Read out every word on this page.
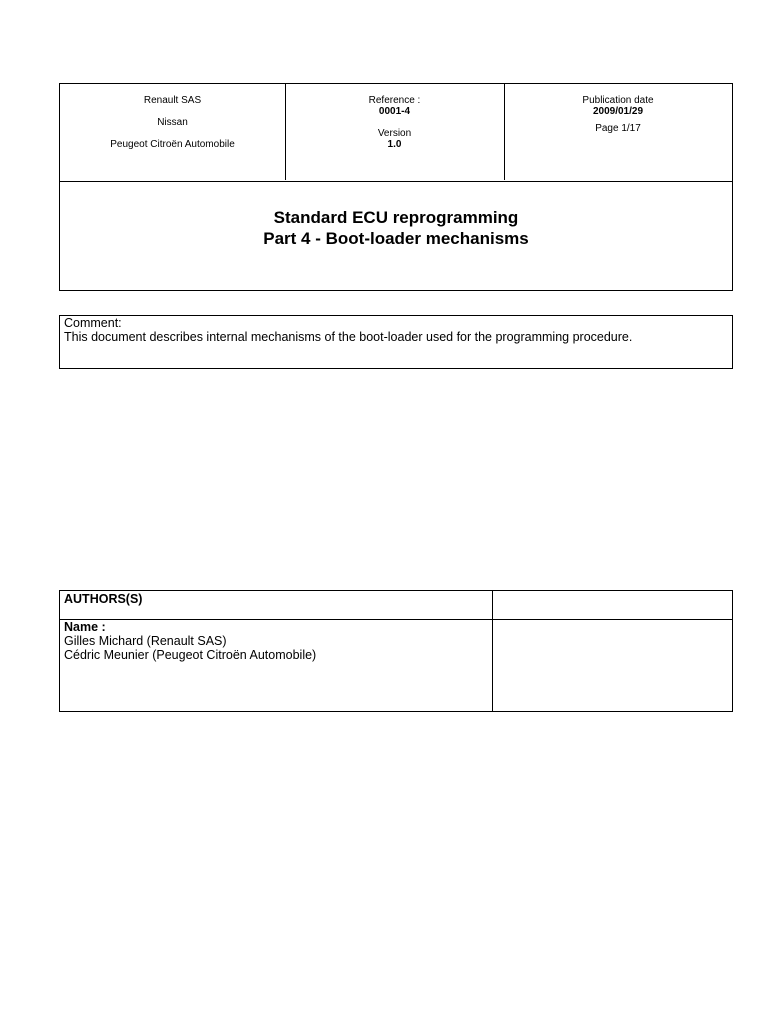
Renault SAS
Nissan
Peugeot Citroën Automobile
Reference :
0001-4
Version
1.0
Publication date
2009/01/29
Page 1/17
Standard ECU reprogramming
Part 4 - Boot-loader mechanisms
Comment:
This document describes internal mechanisms of the boot-loader used for the programming procedure.
AUTHORS(S)
Name :
Gilles Michard (Renault SAS)
Cédric Meunier (Peugeot Citroën Automobile)
